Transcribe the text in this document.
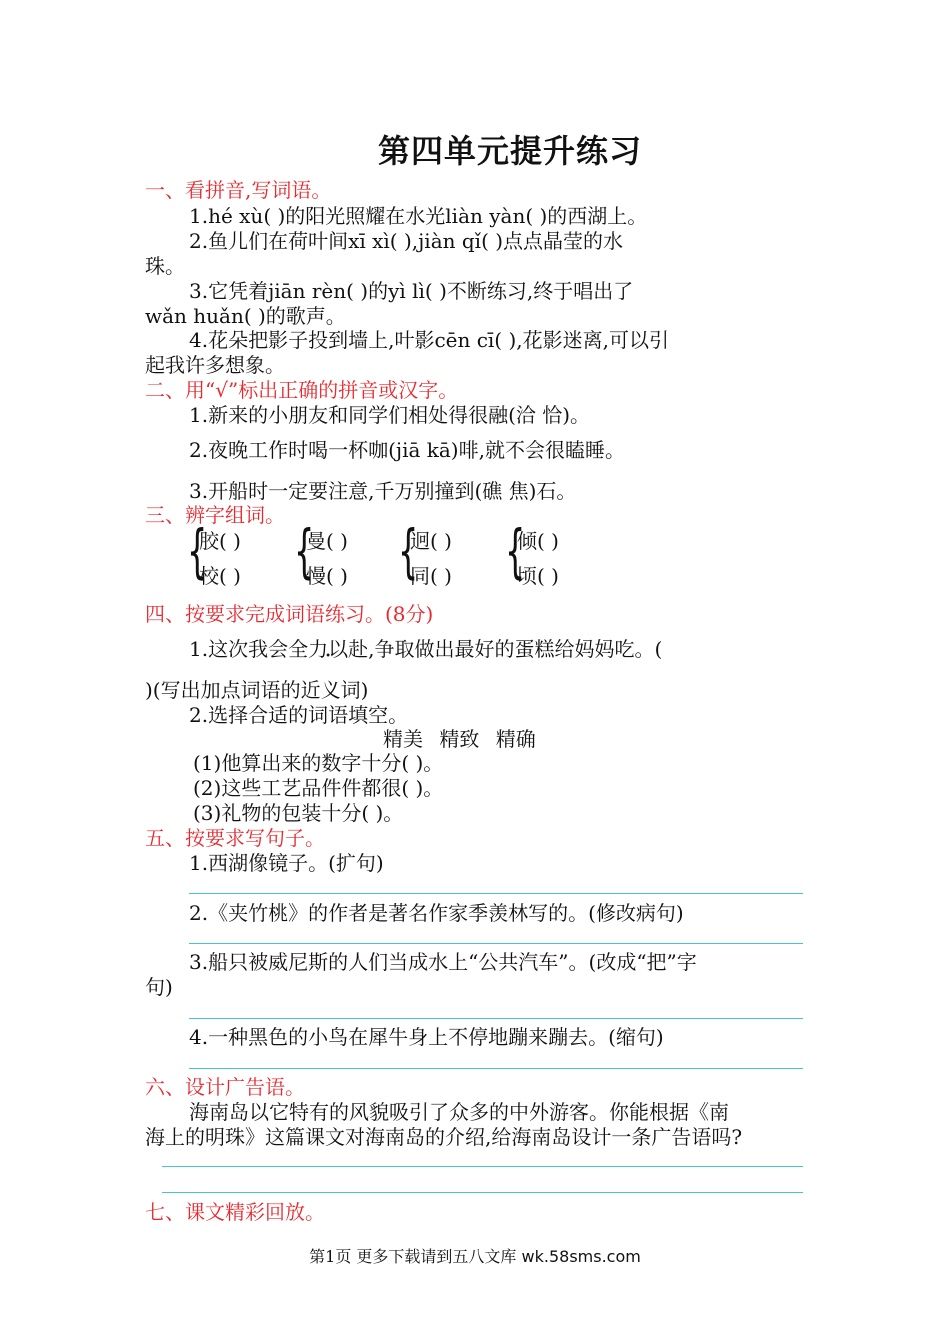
第四单元提升练习
一、看拼音,写词语。
1.hé xù( )的阳光照耀在水光liàn yàn( )的西湖上。
2.鱼儿们在荷叶间xī xì( ),jiàn qǐ( )点点晶莹的水
珠。
3.它凭着jiān rèn( )的yì lì( )不断练习,终于唱出了
wǎn huǎn( )的歌声。
4.花朵把影子投到墙上,叶影cēn cī( ),花影迷离,可以引
起我许多想象。
二、用“√”标出正确的拼音或汉字。
1.新来的小朋友和同学们相处得很融(洽 恰)。
2.夜晚工作时喝一杯咖(jiā kā)啡,就不会很瞌睡。
3.开船时一定要注意,千万别撞到(礁 焦)石。
三、辨字组词。
{
胶( )
校( ) {
曼( )
慢( ) {
迥( )
同( ) {
倾( )
顷( )
四、按要求完成词语练习。(8分)
1.这次我会全力以赴,争取做出最好的蛋糕给妈妈吃。(
)(写出加点词语的近义词)
2.选择合适的词语填空。
精美 精致 精确
(1)他算出来的数字十分( )。
(2)这些工艺品件件都很( )。
(3)礼物的包装十分( )。
五、按要求写句子。
1.西湖像镜子。(扩句)
2.《夹竹桃》的作者是著名作家季羡林写的。(修改病句)
3.船只被威尼斯的人们当成水上“公共汽车”。(改成“把”字
句)
4.一种黑色的小鸟在犀牛身上不停地蹦来蹦去。(缩句)
六、设计广告语。
海南岛以它特有的风貌吸引了众多的中外游客。你能根据《南
海上的明珠》这篇课文对海南岛的介绍,给海南岛设计一条广告语吗?
七、课文精彩回放。
第1页 更多下载请到五八文库 wk.58sms.com
